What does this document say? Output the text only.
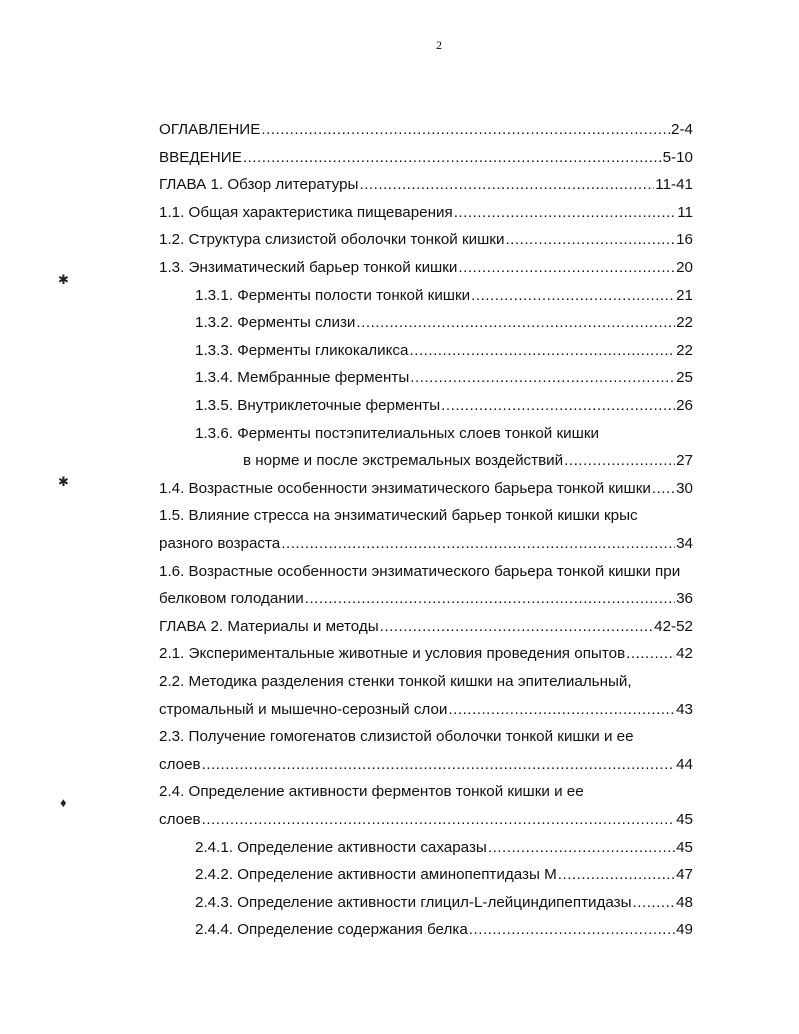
2
ОГЛАВЛЕНИЕ .....	2-4
ВВЕДЕНИЕ .....	5-10
ГЛАВА 1. Обзор литературы .....	11-41
1.1. Общая характеристика пищеварения .....	11
1.2. Структура слизистой оболочки тонкой кишки .....	16
1.3. Энзиматический барьер тонкой кишки .....	20
1.3.1. Ферменты полости тонкой кишки .....	21
1.3.2. Ферменты слизи .....	22
1.3.3. Ферменты гликокаликса .....	22
1.3.4. Мембранные ферменты .....	25
1.3.5. Внутриклеточные ферменты .....	26
1.3.6. Ферменты постэпителиальных слоев тонкой кишки
в норме и после экстремальных воздействий .....	27
1.4. Возрастные особенности энзиматического барьера тонкой кишки ..... 30
1.5. Влияние стресса на энзиматический барьер тонкой кишки крыс
разного возраста .....	34
1.6. Возрастные особенности энзиматического барьера тонкой кишки при
белковом голодании .....	36
ГЛАВА 2. Материалы и методы .....	42-52
2.1. Экспериментальные животные и условия проведения опытов .....	42
2.2. Методика разделения стенки тонкой кишки на эпителиальный,
стромальный и мышечно-серозный слои .....	43
2.3. Получение гомогенатов слизистой оболочки тонкой кишки и ее
слоев .....	44
2.4. Определение активности ферментов тонкой кишки и ее
слоев .....	45
2.4.1. Определение активности сахаразы .....	45
2.4.2. Определение активности аминопептидазы М .....	47
2.4.3. Определение активности глицил-L-лейциндипептидазы .....	48
2.4.4. Определение содержания белка .....	49
✱
✱
♦
